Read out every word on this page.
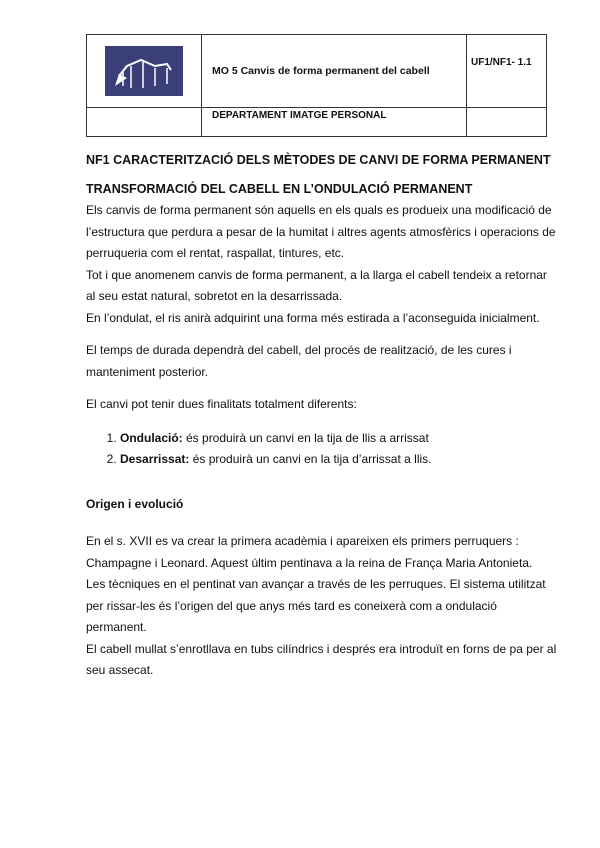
	MO 5 Canvis de forma permanent del cabell	UF1/NF1- 1.1
	DEPARTAMENT IMATGE PERSONAL	

NF1 CARACTERITZACIÓ DELS MÈTODES DE CANVI DE FORMA PERMANENT

TRANSFORMACIÓ DEL CABELL EN L’ONDULACIÓ PERMANENT

Els canvis de forma permanent són aquells en els quals es produeix una modificació de l’estructura que perdura a pesar de la humitat i altres agents atmosfèrics i operacions de perruqueria com el rentat, raspallat, tintures, etc.

Tot i que anomenem canvis de forma permanent, a la llarga el cabell tendeix a retornar al seu estat natural, sobretot en la desarrissada.

En l’ondulat, el ris anirà adquirint una forma més estirada a l’aconseguida inicialment.

El temps de durada dependrà del cabell, del procés de realització, de les cures i manteniment posterior.

El canvi pot tenir dues finalitats totalment diferents:

1. Ondulació: és produirà un canvi en la tija de llis a arrissat
2. Desarrissat: és produirà un canvi en la tija d’arrissat a llis.

Origen i evolució

En el s. XVII es va crear la primera acadèmia i apareixen els primers perruquers : Champagne i Leonard. Aquest últim pentinava a la reina de França Maria Antonieta.

Les tècniques en el pentinat van avançar a través de les perruques. El sistema utilitzat per rissar-les és l’origen del que anys més tard es coneixerà com a ondulació permanent.

El cabell mullat s’enrotllava en tubs cilíndrics i després era introduït en forns de pa per al seu assecat.
